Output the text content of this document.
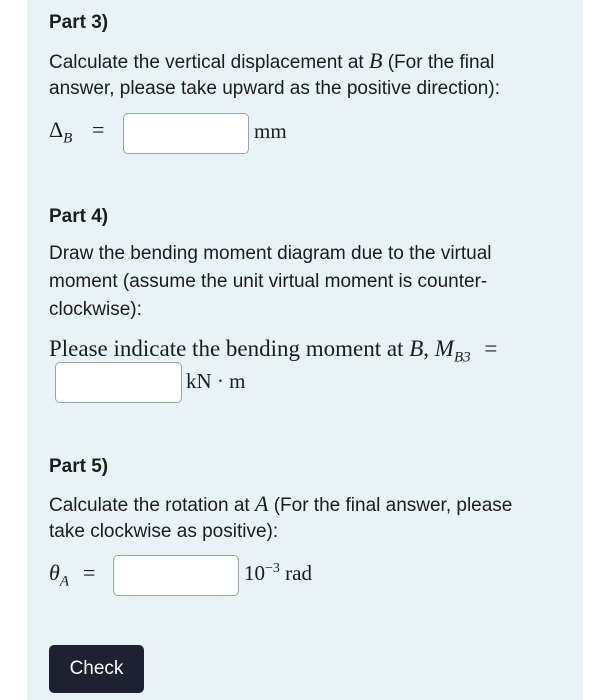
Part 3)
Calculate the vertical displacement at B (For the final
answer, please take upward as the positive direction):
$\Delta_B$ =	mm
Part 4)
Draw the bending moment diagram due to the virtual
moment (assume the unit virtual moment is counter-
clockwise):
Please indicate the bending moment at B, $M_{B3}$ =
kN · m
Part 5)
Calculate the rotation at A (For the final answer, please
take clockwise as positive):
$\theta_A$ =	$10^{-3}$ rad
Check
